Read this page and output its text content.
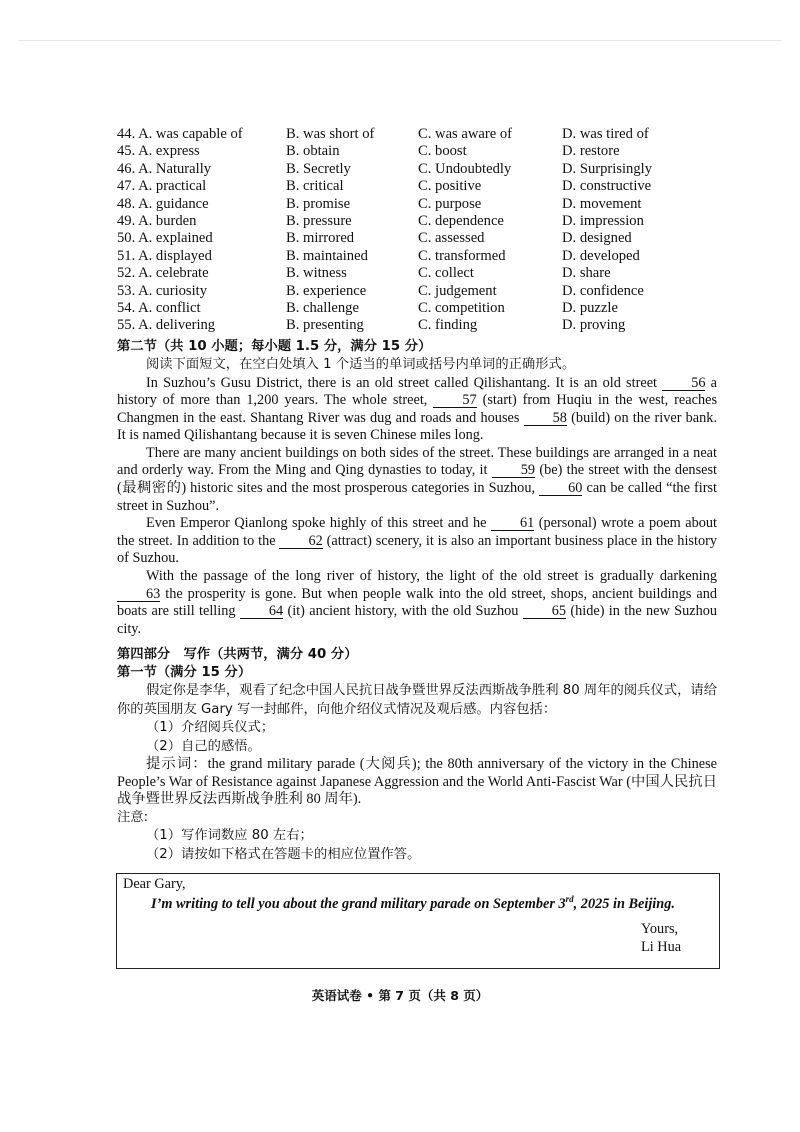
44. A. was capable of	B. was short of	C. was aware of	D. was tired of
45. A. express	B. obtain	C. boost	D. restore
46. A. Naturally	B. Secretly	C. Undoubtedly	D. Surprisingly
47. A. practical	B. critical	C. positive	D. constructive
48. A. guidance	B. promise	C. purpose	D. movement
49. A. burden	B. pressure	C. dependence	D. impression
50. A. explained	B. mirrored	C. assessed	D. designed
51. A. displayed	B. maintained	C. transformed	D. developed
52. A. celebrate	B. witness	C. collect	D. share
53. A. curiosity	B. experience	C. judgement	D. confidence
54. A. conflict	B. challenge	C. competition	D. puzzle
55. A. delivering	B. presenting	C. finding	D. proving
第二节（共 10 小题；每小题 1.5 分，满分 15 分）
阅读下面短文，在空白处填入 1 个适当的单词或括号内单词的正确形式。

In Suzhou’s Gusu District, there is an old street called Qilishantang. It is an old street 56 a history of more than 1,200 years. The whole street, 57 (start) from Huqiu in the west, reaches Changmen in the east. Shantang River was dug and roads and houses 58 (build) on the river bank. It is named Qilishantang because it is seven Chinese miles long.

There are many ancient buildings on both sides of the street. These buildings are arranged in a neat and orderly way. From the Ming and Qing dynasties to today, it 59 (be) the street with the densest (最稠密的) historic sites and the most prosperous categories in Suzhou, 60 can be called “the first street in Suzhou”.

Even Emperor Qianlong spoke highly of this street and he 61 (personal) wrote a poem about the street. In addition to the 62 (attract) scenery, it is also an important business place in the history of Suzhou.

With the passage of the long river of history, the light of the old street is gradually darkening 63 the prosperity is gone. But when people walk into the old street, shops, ancient buildings and boats are still telling 64 (it) ancient history, with the old Suzhou 65 (hide) in the new Suzhou city.

第四部分　写作（共两节，满分 40 分）
第一节（满分 15 分）
假定你是李华，观看了纪念中国人民抗日战争暨世界反法西斯战争胜利 80 周年的阅兵仪式，请给你的英国朋友 Gary 写一封邮件，向他介绍仪式情况及观后感。内容包括：
（1）介绍阅兵仪式；
（2）自己的感悟。

提示词：the grand military parade (大阅兵); the 80th anniversary of the victory in the Chinese People’s War of Resistance against Japanese Aggression and the World Anti-Fascist War (中国人民抗日战争暨世界反法西斯战争胜利 80 周年).

注意:
（1）写作词数应 80 左右；
（2）请按如下格式在答题卡的相应位置作答。
Dear Gary,
I’m writing to tell you about the grand military parade on September 3rd, 2025 in Beijing.
Yours,
Li Hua
英语试卷 • 第 7 页（共 8 页）
